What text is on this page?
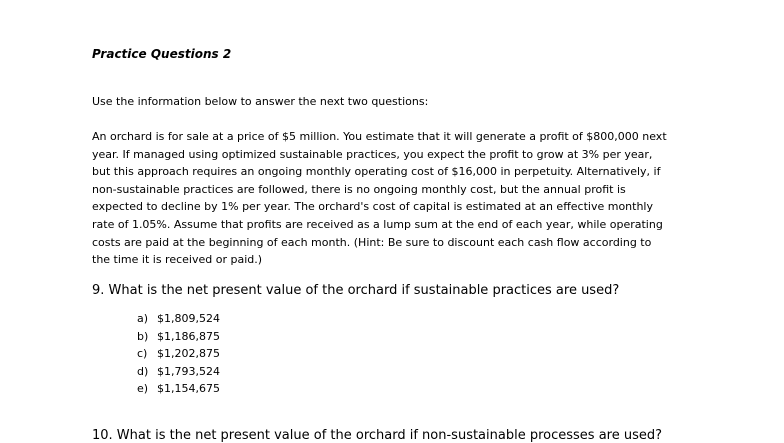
Practice Questions 2
Use the information below to answer the next two questions:
An orchard is for sale at a price of $5 million. You estimate that it will generate a profit of $800,000 next
year. If managed using optimized sustainable practices, you expect the profit to grow at 3% per year,
but this approach requires an ongoing monthly operating cost of $16,000 in perpetuity. Alternatively, if
non-sustainable practices are followed, there is no ongoing monthly cost, but the annual profit is
expected to decline by 1% per year. The orchard's cost of capital is estimated at an effective monthly
rate of 1.05%. Assume that profits are received as a lump sum at the end of each year, while operating
costs are paid at the beginning of each month. (Hint: Be sure to discount each cash flow according to
the time it is received or paid.)
9. What is the net present value of the orchard if sustainable practices are used?
a) $1,809,524
b) $1,186,875
c) $1,202,875
d) $1,793,524
e) $1,154,675
10. What is the net present value of the orchard if non-sustainable processes are used?
